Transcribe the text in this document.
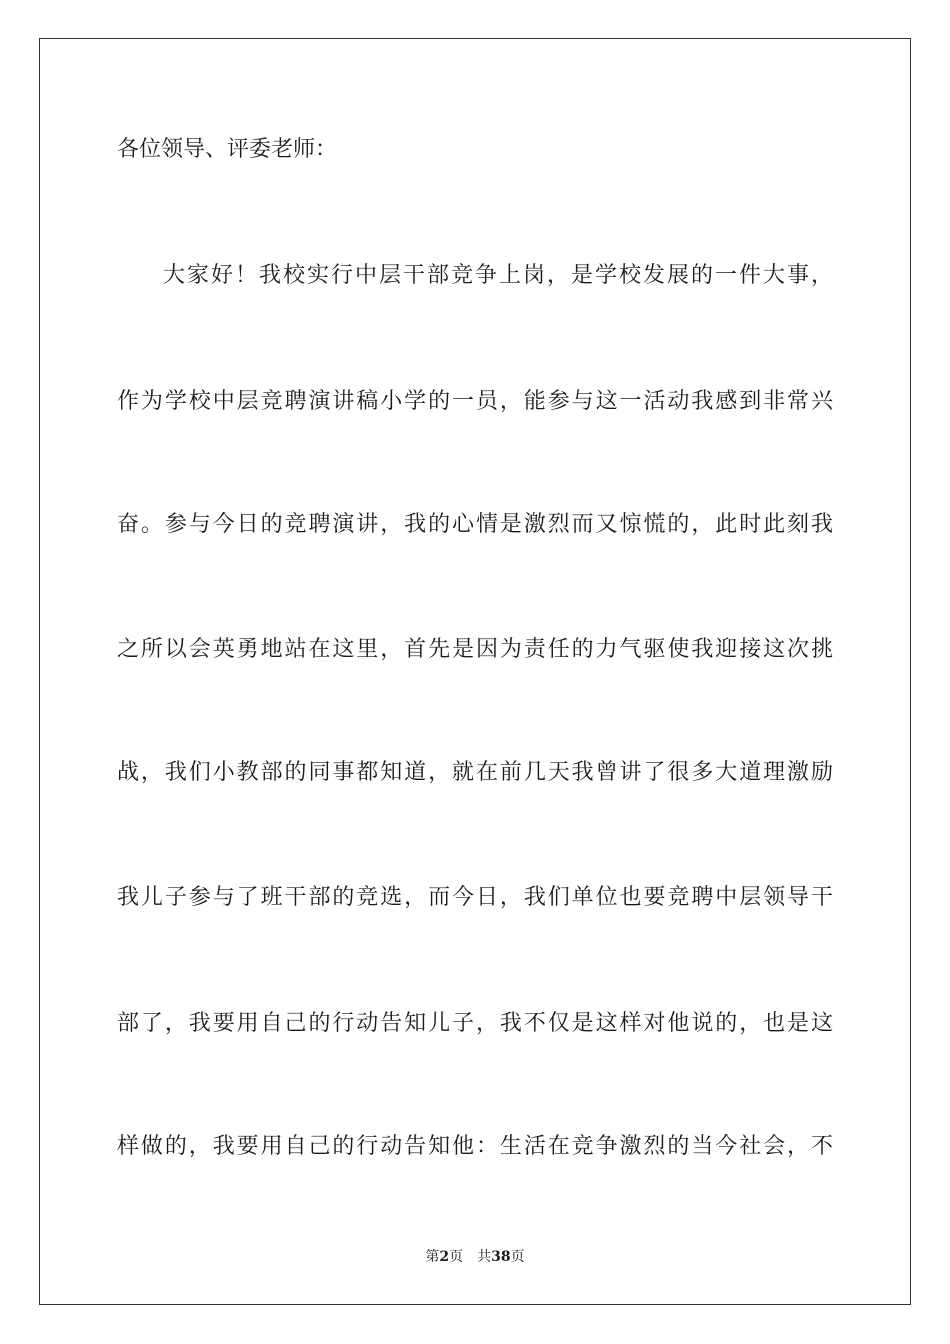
各位领导、评委老师：
大家好！我校实行中层干部竞争上岗，是学校发展的一件大事，
作为学校中层竞聘演讲稿小学的一员，能参与这一活动我感到非常兴
奋。参与今日的竞聘演讲，我的心情是激烈而又惊慌的，此时此刻我
之所以会英勇地站在这里，首先是因为责任的力气驱使我迎接这次挑
战，我们小教部的同事都知道，就在前几天我曾讲了很多大道理激励
我儿子参与了班干部的竞选，而今日，我们单位也要竞聘中层领导干
部了，我要用自己的行动告知儿子，我不仅是这样对他说的，也是这
样做的，我要用自己的行动告知他：生活在竞争激烈的当今社会，不
第2页 共38页
